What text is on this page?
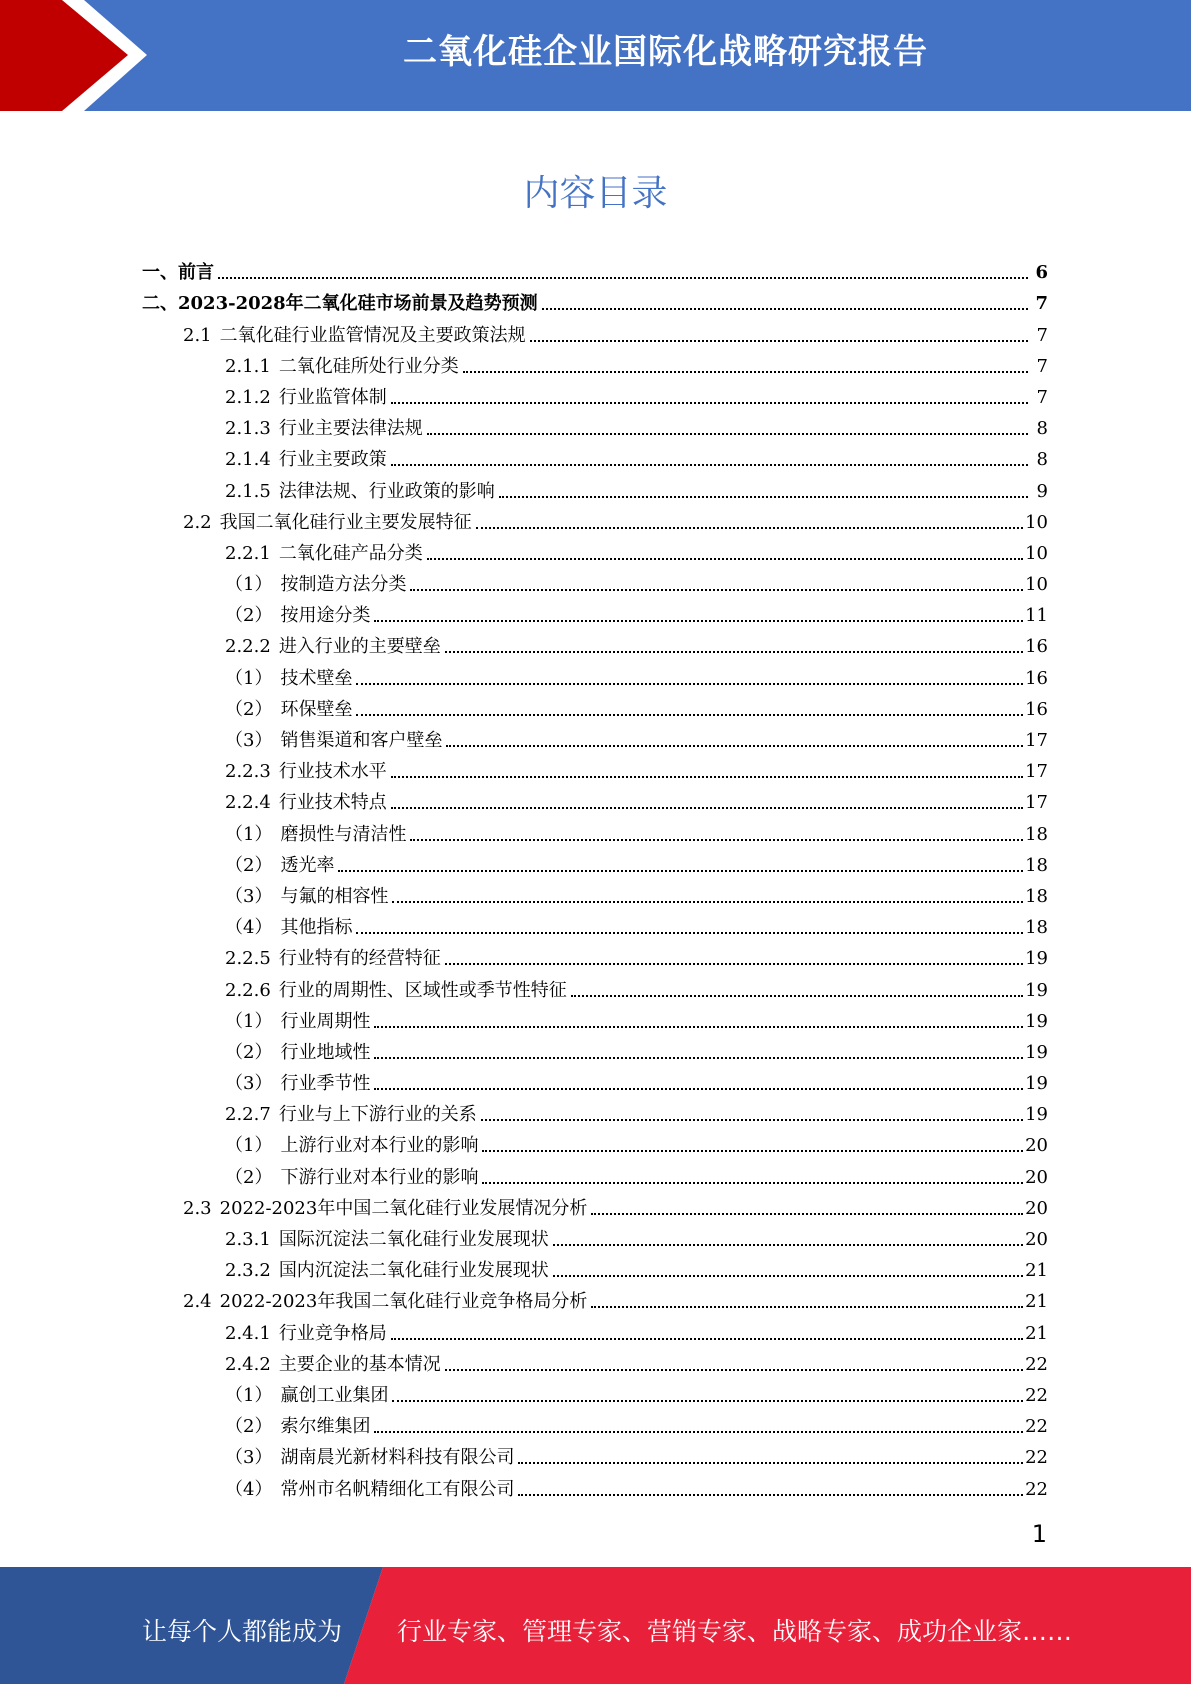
二氧化硅企业国际化战略研究报告
内容目录
一、 前言	6
二、 2023-2028年二氧化硅市场前景及趋势预测	7
2.1 二氧化硅行业监管情况及主要政策法规	7
2.1.1 二氧化硅所处行业分类	7
2.1.2 行业监管体制	7
2.1.3 行业主要法律法规	8
2.1.4 行业主要政策	8
2.1.5 法律法规、行业政策的影响	9
2.2 我国二氧化硅行业主要发展特征	10
2.2.1 二氧化硅产品分类	10
（1） 按制造方法分类	10
（2） 按用途分类	11
2.2.2 进入行业的主要壁垒	16
（1） 技术壁垒	16
（2） 环保壁垒	16
（3） 销售渠道和客户壁垒	17
2.2.3 行业技术水平	17
2.2.4 行业技术特点	17
（1） 磨损性与清洁性	18
（2） 透光率	18
（3） 与氟的相容性	18
（4） 其他指标	18
2.2.5 行业特有的经营特征	19
2.2.6 行业的周期性、区域性或季节性特征	19
（1） 行业周期性	19
（2） 行业地域性	19
（3） 行业季节性	19
2.2.7 行业与上下游行业的关系	19
（1） 上游行业对本行业的影响	20
（2） 下游行业对本行业的影响	20
2.3 2022-2023年中国二氧化硅行业发展情况分析	20
2.3.1 国际沉淀法二氧化硅行业发展现状	20
2.3.2 国内沉淀法二氧化硅行业发展现状	21
2.4 2022-2023年我国二氧化硅行业竞争格局分析	21
2.4.1 行业竞争格局	21
2.4.2 主要企业的基本情况	22
（1） 赢创工业集团	22
（2） 索尔维集团	22
（3） 湖南晨光新材料科技有限公司	22
（4） 常州市名帆精细化工有限公司	22
1
让每个人都能成为 行业专家、管理专家、营销专家、战略专家、成功企业家……
